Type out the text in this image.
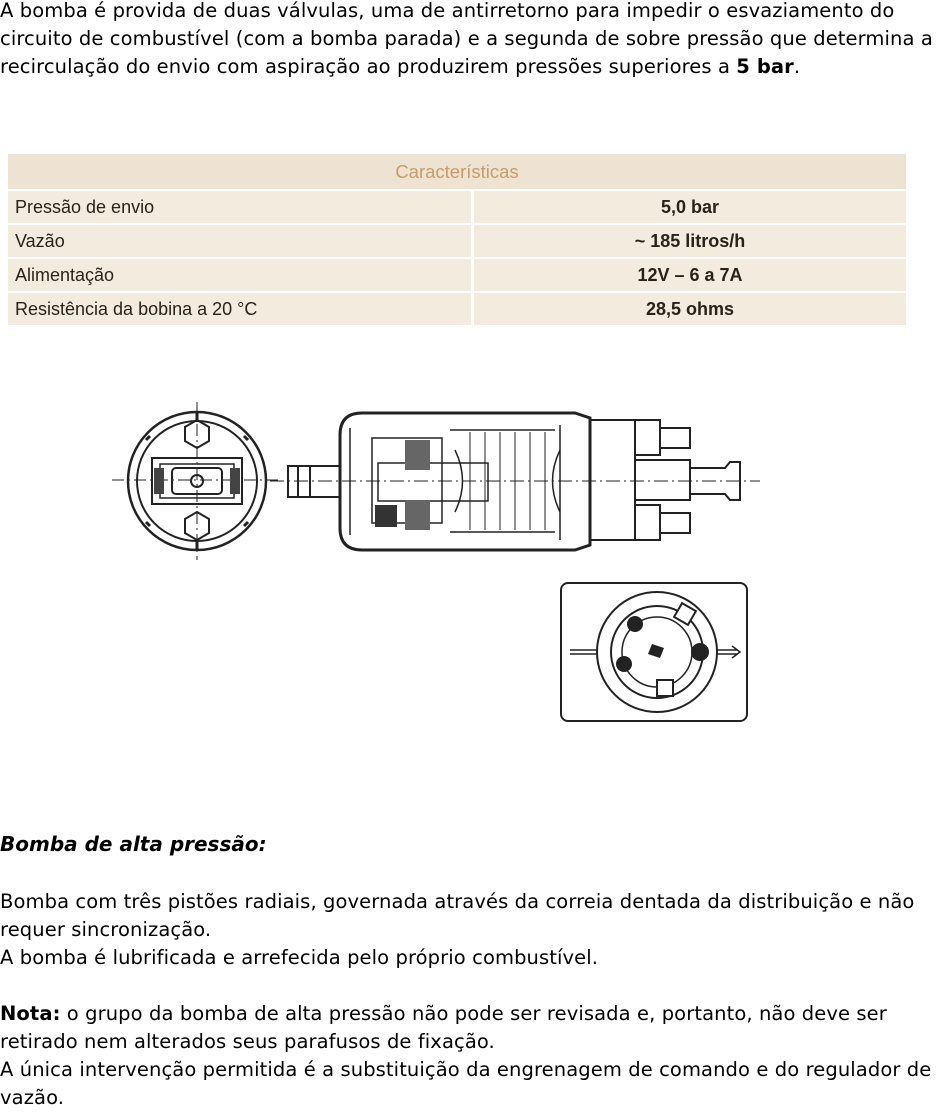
A bomba é provida de duas válvulas, uma de antirretorno para impedir o esvaziamento do circuito de combustível (com a bomba parada) e a segunda de sobre pressão que determina a recirculação do envio com aspiração ao produzirem pressões superiores a 5 bar.
Características	
Pressão de envio	5,0 bar
Vazão	~ 185 litros/h
Alimentação	12V – 6 a 7A
Resistência da bobina a 20 °C	28,5 ohms
Bomba de alta pressão:
Bomba com três pistões radiais, governada através da correia dentada da distribuição e não requer sincronização.
A bomba é lubrificada e arrefecida pelo próprio combustível.
Nota: o grupo da bomba de alta pressão não pode ser revisada e, portanto, não deve ser retirado nem alterados seus parafusos de fixação.
A única intervenção permitida é a substituição da engrenagem de comando e do regulador de vazão.
